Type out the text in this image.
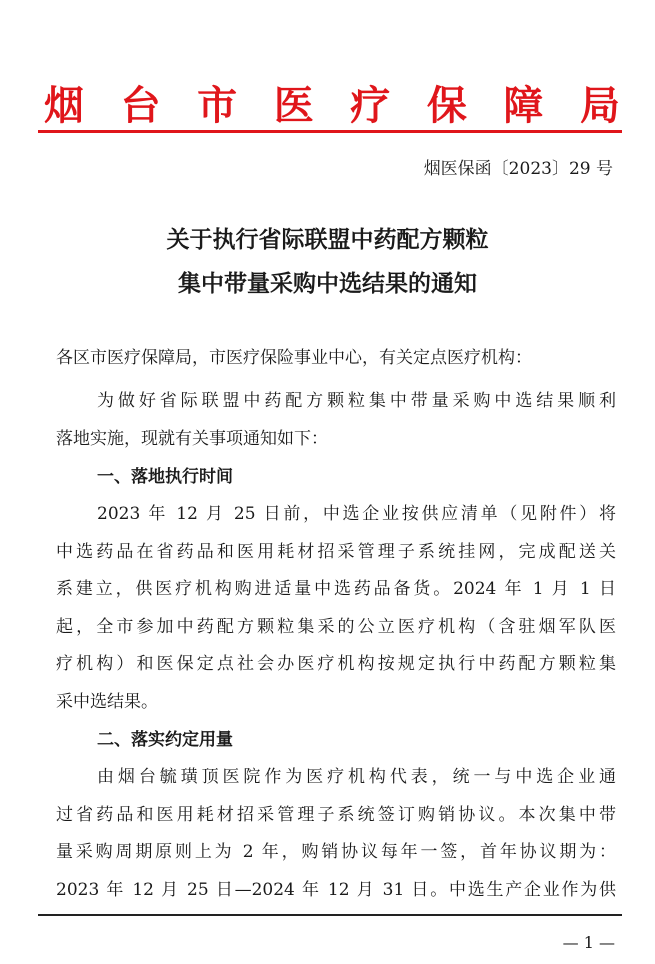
烟 台 市 医 疗 保 障 局
烟医保函〔2023〕29 号
关于执行省际联盟中药配方颗粒
集中带量采购中选结果的通知
各区市医疗保障局，市医疗保险事业中心，有关定点医疗机构：
为做好省际联盟中药配方颗粒集中带量采购中选结果顺利
落地实施，现就有关事项通知如下：
一、落地执行时间
2023 年 12 月 25 日前，中选企业按供应清单（见附件）将
中选药品在省药品和医用耗材招采管理子系统挂网，完成配送关
系建立，供医疗机构购进适量中选药品备货。2024 年 1 月 1 日
起，全市参加中药配方颗粒集采的公立医疗机构（含驻烟军队医
疗机构）和医保定点社会办医疗机构按规定执行中药配方颗粒集
采中选结果。
二、落实约定用量
由烟台毓璜顶医院作为医疗机构代表，统一与中选企业通
过省药品和医用耗材招采管理子系统签订购销协议。本次集中带
量采购周期原则上为 2 年，购销协议每年一签，首年协议期为：
2023 年 12 月 25 日—2024 年 12 月 31 日。中选生产企业作为供
— 1 —
